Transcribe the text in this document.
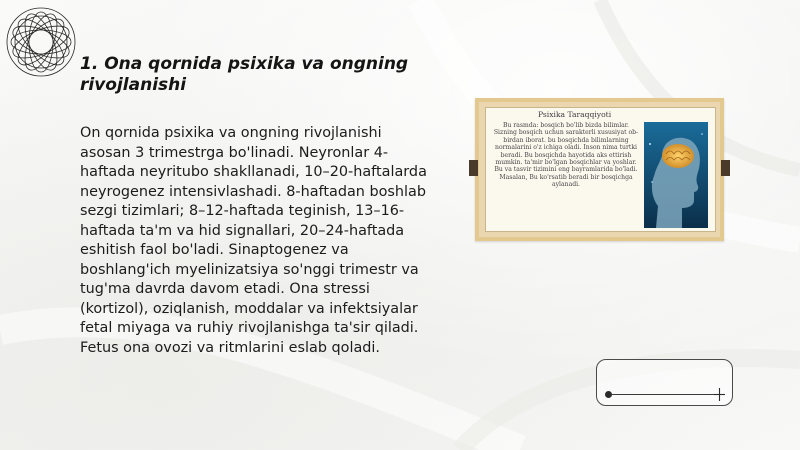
1. Ona qornida psixika va ongning rivojlanishi

On qornida psixika va ongning rivojlanishi asosan 3 trimestrga bo'linadi. Neyronlar 4-haftada neyritubo shakllanadi, 10–20-haftalarda neyrogenez intensivlashadi. 8-haftadan boshlab sezgi tizimlari; 8–12-haftada teginish, 13–16-haftada ta'm va hid signallari, 20–24-haftada eshitish faol bo'ladi. Sinaptogenez va boshlang'ich myelinizatsiya so'nggi trimestr va tug'ma davrda davom etadi. Ona stressi (kortizol), oziqlanish, moddalar va infektsiyalar fetal miyaga va ruhiy rivojlanishga ta'sir qiladi. Fetus ona ovozi va ritmlarini eslab qoladi.

Psixika Taraqqiyoti

Bu rasmda: bosqich bo'lib bizda bilimlar. Sizning bosqich uchun sarakterli xususiyat ob-birdan iborat. bu bosqichda bilimlarning normalarini o'z ichiga oladi. Inson nima turtki beradi. Bu bosqichda hayotida aks ettirish mumkin. ta'mir bo'lgan bosqichlar va yoshlar. Bu va tasvir tizimini eng bayramlarida bo'ladi. Masalan, Bu ko'rsatib beradi bir bosqichga aylanadi.
